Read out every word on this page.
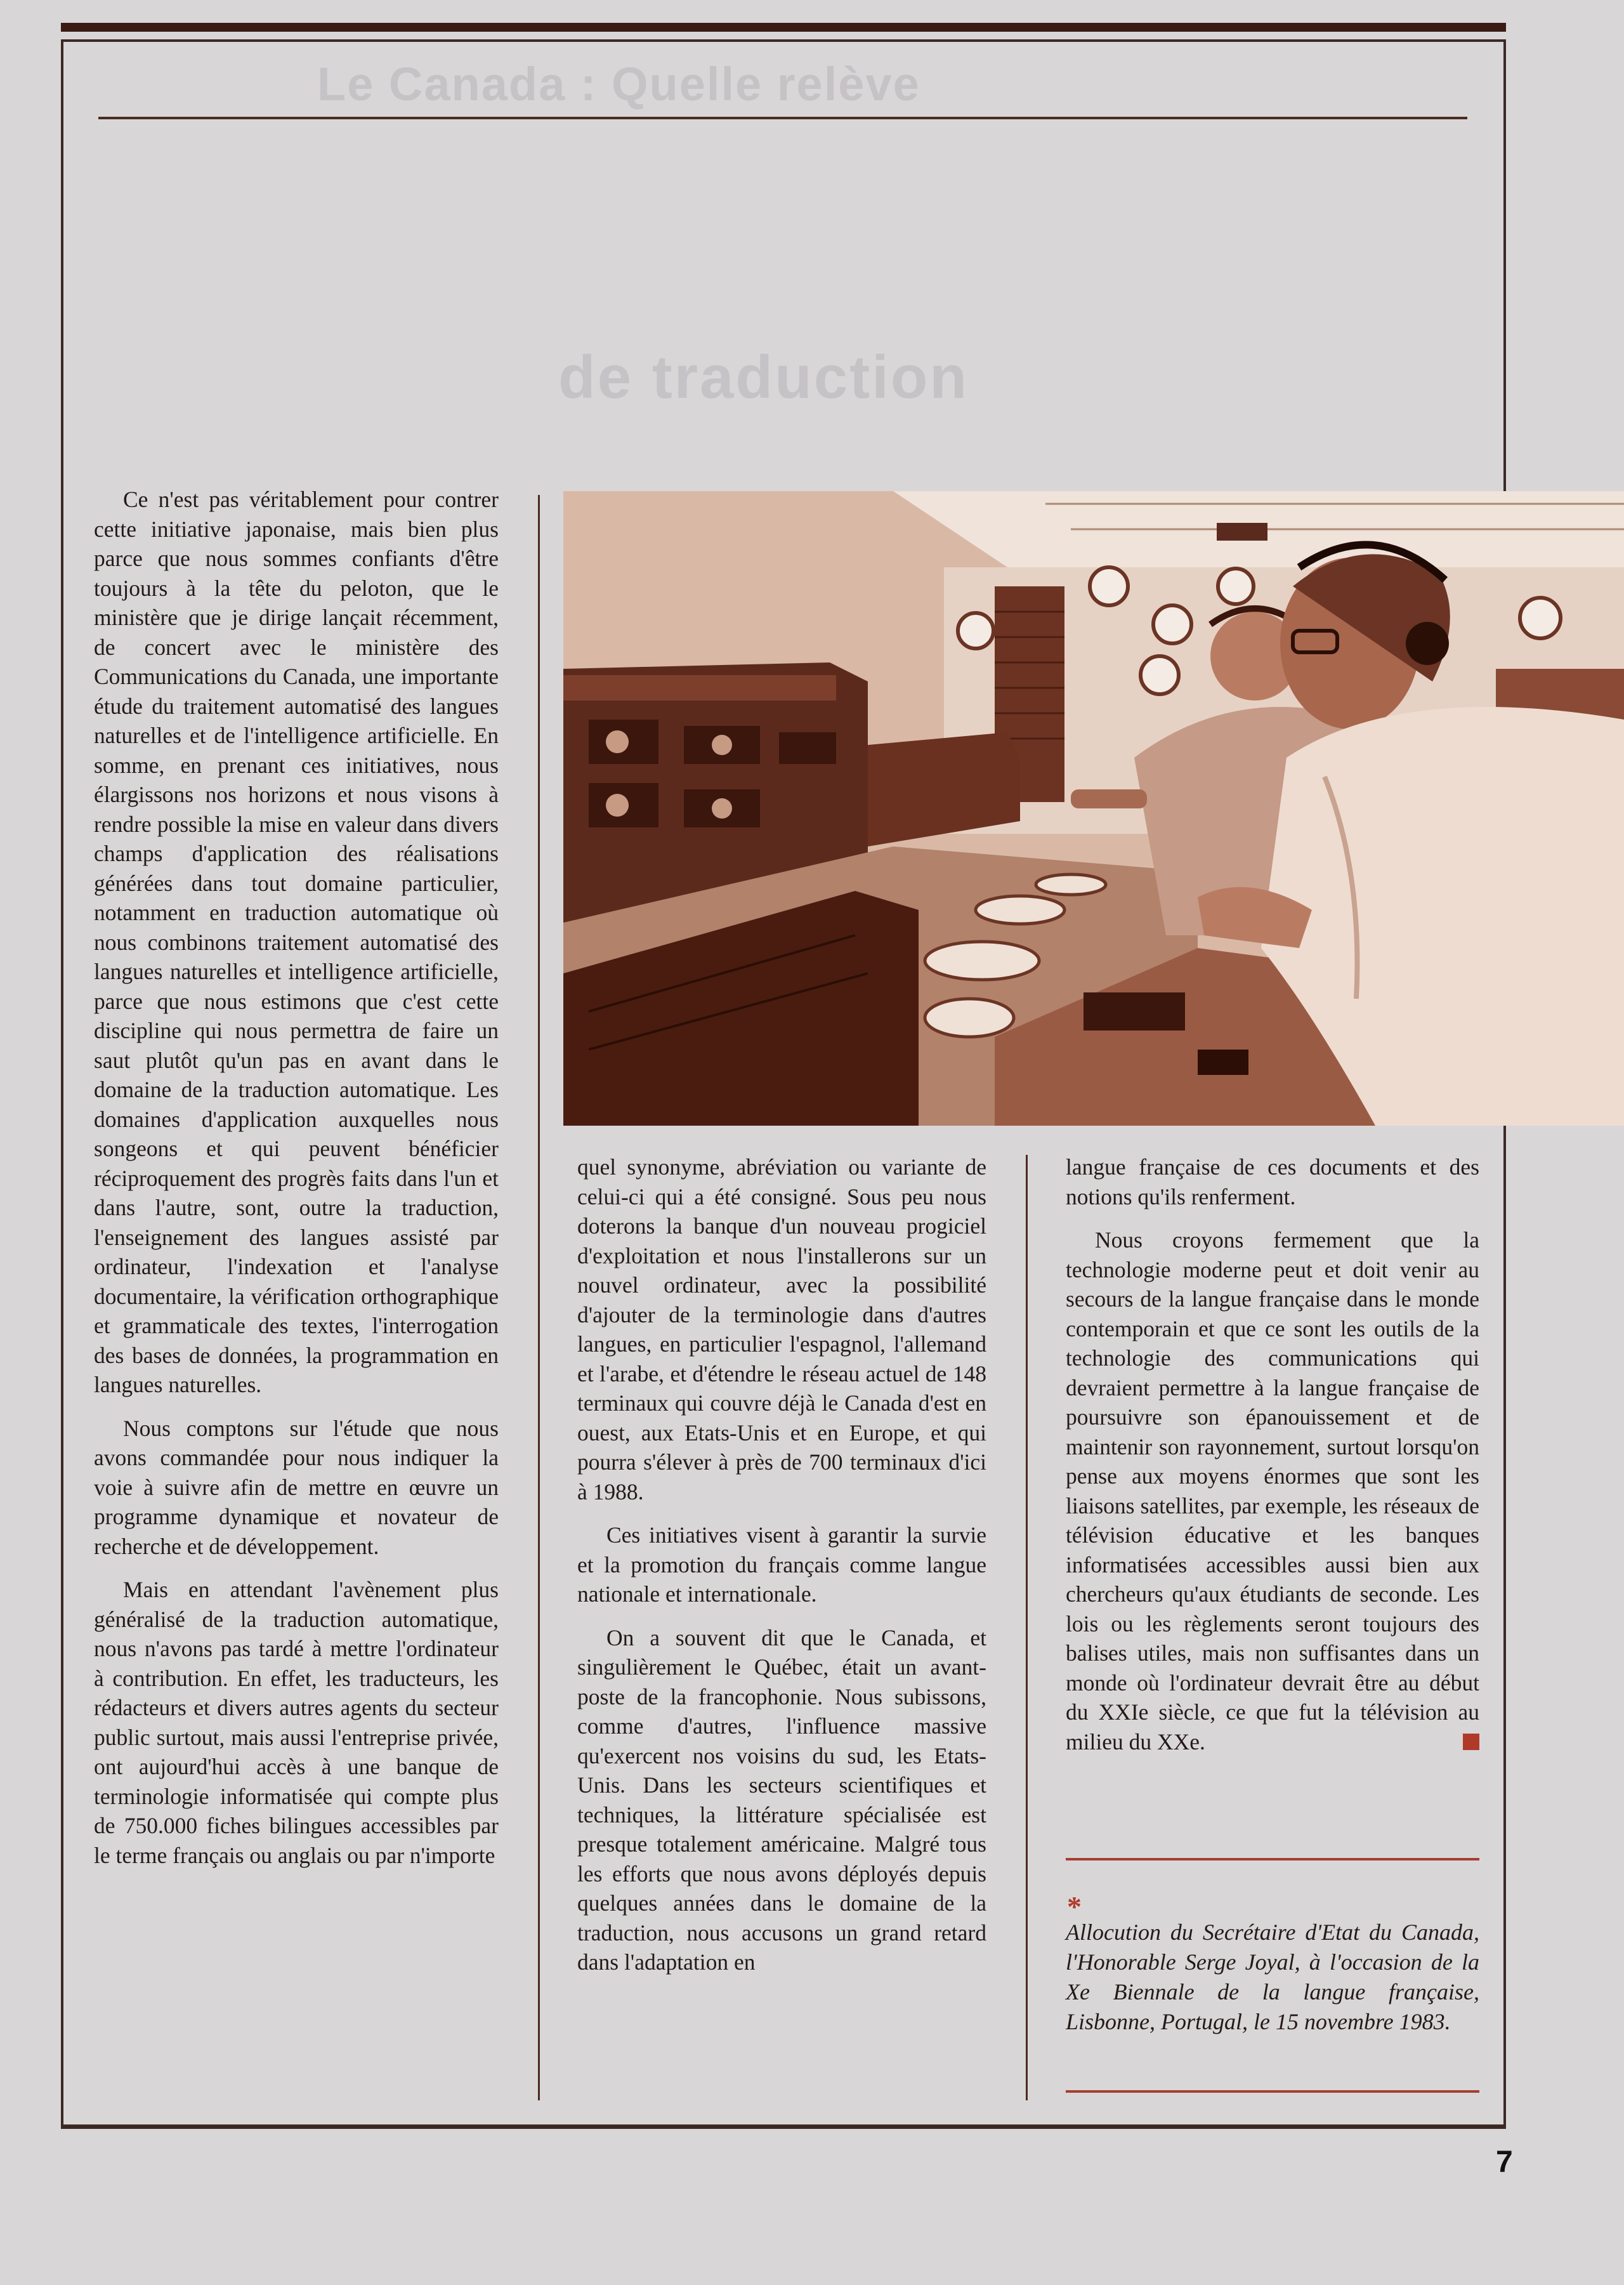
Le Canada : Quelle relève
de traduction

Ce n'est pas véritablement pour contrer cette initiative japonaise, mais bien plus parce que nous sommes confiants d'être toujours à la tête du peloton, que le ministère que je dirige lançait récemment, de concert avec le ministère des Communications du Canada, une importante étude du traitement automatisé des langues naturelles et de l'intelligence artificielle. En somme, en prenant ces initiatives, nous élargissons nos horizons et nous visons à rendre possible la mise en valeur dans divers champs d'application des réalisations générées dans tout domaine particulier, notamment en traduction automatique où nous combinons traitement automatisé des langues naturelles et intelligence artificielle, parce que nous estimons que c'est cette discipline qui nous permettra de faire un saut plutôt qu'un pas en avant dans le domaine de la traduction automatique. Les domaines d'application auxquelles nous songeons et qui peuvent bénéficier réciproquement des progrès faits dans l'un et dans l'autre, sont, outre la traduction, l'enseignement des langues assisté par ordinateur, l'indexation et l'analyse documentaire, la vérification orthographique et grammaticale des textes, l'interrogation des bases de données, la programmation en langues naturelles.

Nous comptons sur l'étude que nous avons commandée pour nous indiquer la voie à suivre afin de mettre en œuvre un programme dynamique et novateur de recherche et de développement.

Mais en attendant l'avènement plus généralisé de la traduction automatique, nous n'avons pas tardé à mettre l'ordinateur à contribution. En effet, les traducteurs, les rédacteurs et divers autres agents du secteur public surtout, mais aussi l'entreprise privée, ont aujourd'hui accès à une banque de terminologie informatisée qui compte plus de 750.000 fiches bilingues accessibles par le terme français ou anglais ou par n'importe

quel synonyme, abréviation ou variante de celui-ci qui a été consigné. Sous peu nous doterons la banque d'un nouveau progiciel d'exploitation et nous l'installerons sur un nouvel ordinateur, avec la possibilité d'ajouter de la terminologie dans d'autres langues, en particulier l'espagnol, l'allemand et l'arabe, et d'étendre le réseau actuel de 148 terminaux qui couvre déjà le Canada d'est en ouest, aux Etats-Unis et en Europe, et qui pourra s'élever à près de 700 terminaux d'ici à 1988.

Ces initiatives visent à garantir la survie et la promotion du français comme langue nationale et internationale.

On a souvent dit que le Canada, et singulièrement le Québec, était un avant-poste de la francophonie. Nous subissons, comme d'autres, l'influence massive qu'exercent nos voisins du sud, les Etats-Unis. Dans les secteurs scientifiques et techniques, la littérature spécialisée est presque totalement américaine. Malgré tous les efforts que nous avons déployés depuis quelques années dans le domaine de la traduction, nous accusons un grand retard dans l'adaptation en

langue française de ces documents et des notions qu'ils renferment.

Nous croyons fermement que la technologie moderne peut et doit venir au secours de la langue française dans le monde contemporain et que ce sont les outils de la technologie des communications qui devraient permettre à la langue française de poursuivre son épanouissement et de maintenir son rayonnement, surtout lorsqu'on pense aux moyens énormes que sont les liaisons satellites, par exemple, les réseaux de télévision éducative et les banques informatisées accessibles aussi bien aux chercheurs qu'aux étudiants de seconde. Les lois ou les règlements seront toujours des balises utiles, mais non suffisantes dans un monde où l'ordinateur devrait être au début du XXIe siècle, ce que fut la télévision au milieu du XXe.

*
Allocution du Secrétaire d'Etat du Canada, l'Honorable Serge Joyal, à l'occasion de la Xe Biennale de la langue française, Lisbonne, Portugal, le 15 novembre 1983.
7
